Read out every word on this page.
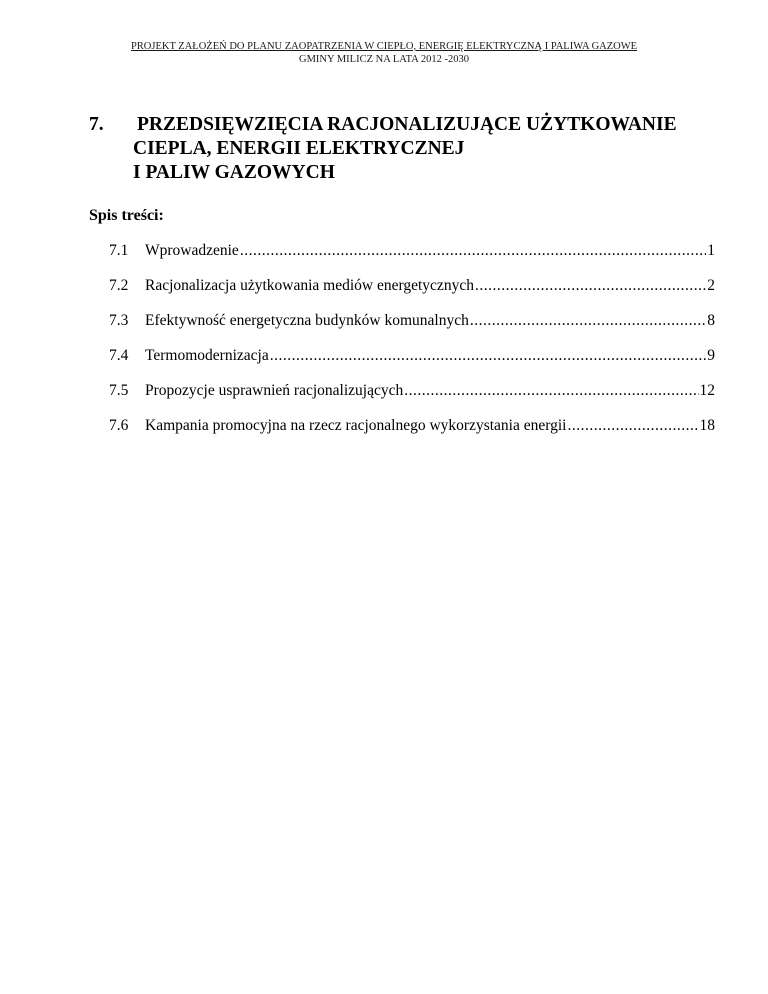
PROJEKT ZAŁOŻEŃ DO PLANU ZAOPATRZENIA W CIEPŁO, ENERGIĘ ELEKTRYCZNĄ I PALIWA GAZOWE
GMINY MILICZ NA LATA 2012 -2030
7. PRZEDSIĘWZIĘCIA RACJONALIZUJĄCE UŻYTKOWANIE
CIEPLA, ENERGII ELEKTRYCZNEJ
I PALIW GAZOWYCH
Spis treści:
7.1	Wprowadzenie .....	1
7.2	Racjonalizacja użytkowania mediów energetycznych .....	2
7.3	Efektywność energetyczna budynków komunalnych .....	8
7.4	Termomodernizacja .....	9
7.5	Propozycje usprawnień racjonalizujących .....	12
7.6	Kampania promocyjna na rzecz racjonalnego wykorzystania energii .....	18
